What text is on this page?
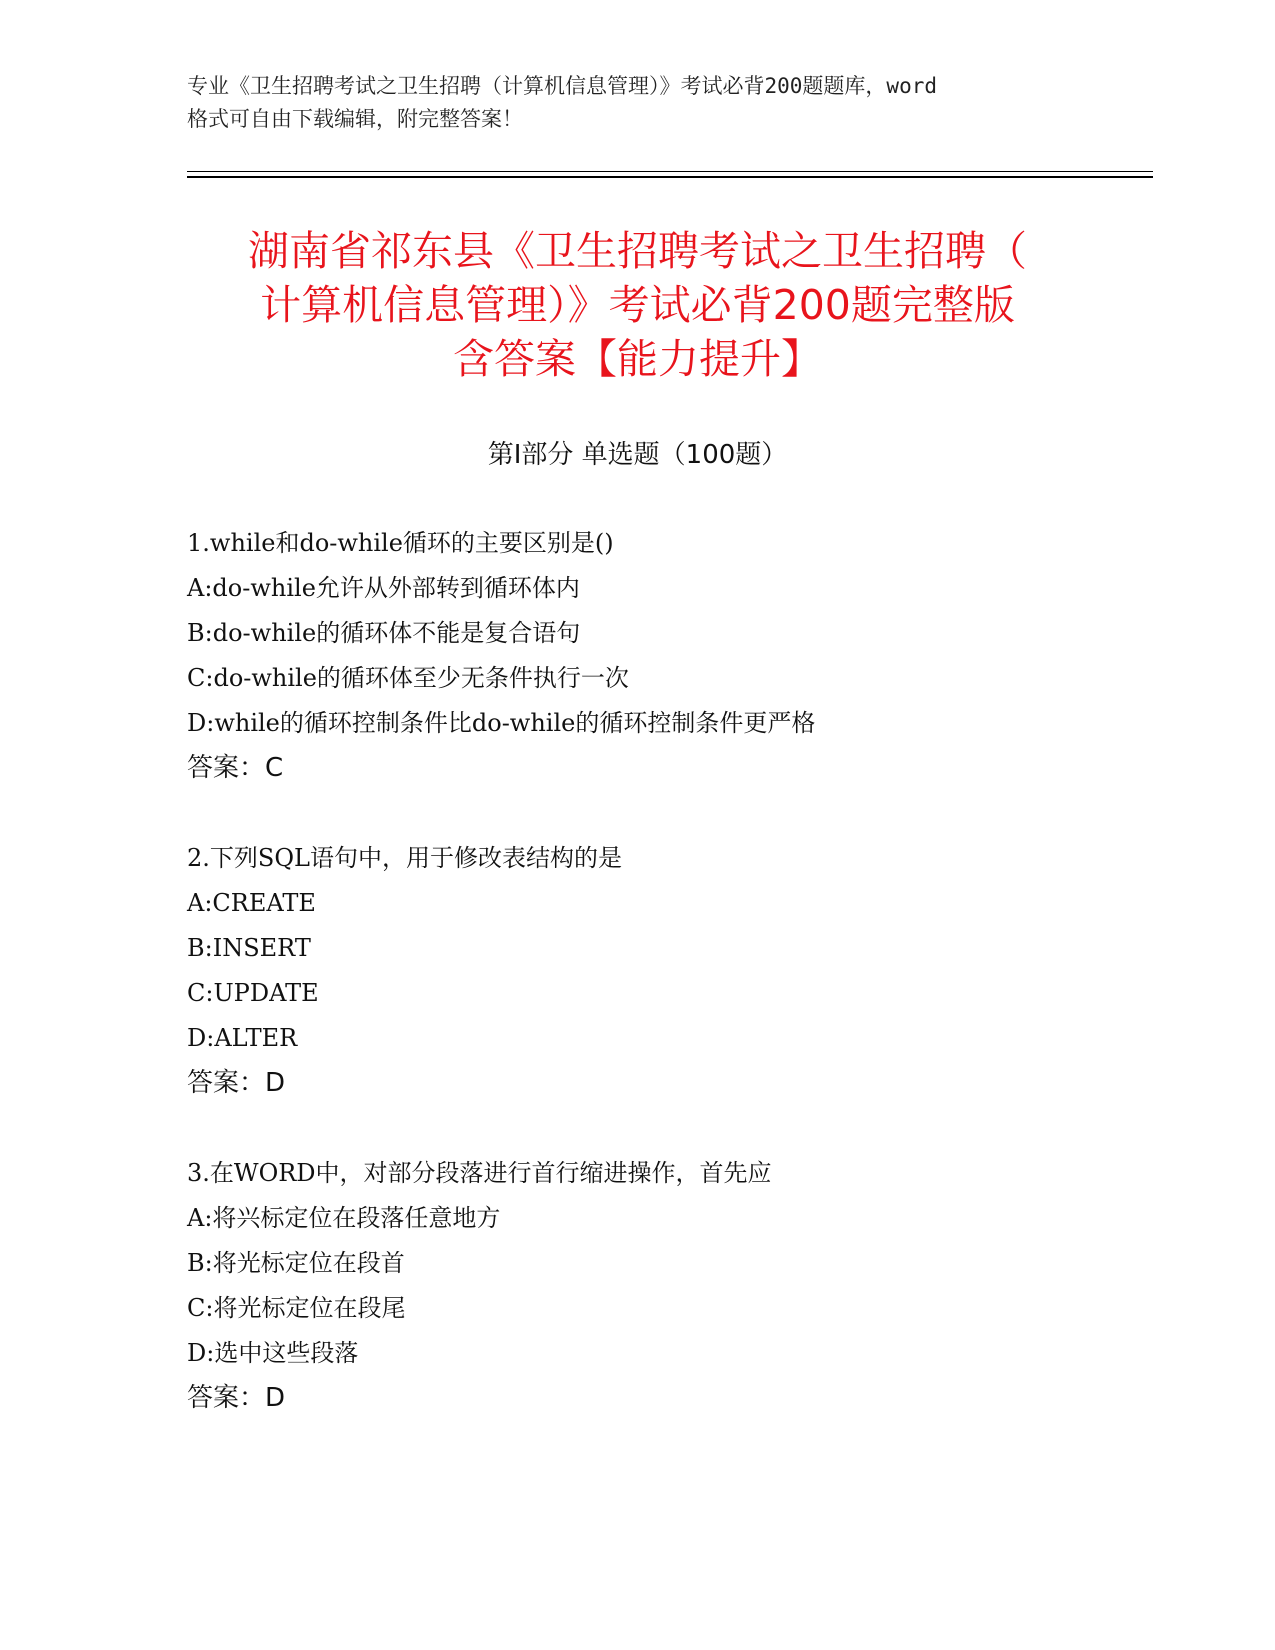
专业《卫生招聘考试之卫生招聘（计算机信息管理）》考试必背200题题库，word
格式可自由下载编辑，附完整答案！
湖南省祁东县《卫生招聘考试之卫生招聘（
计算机信息管理）》考试必背200题完整版
含答案【能力提升】
第Ⅰ部分 单选题（100题）
1.while和do-while循环的主要区别是()
A:do-while允许从外部转到循环体内
B:do-while的循环体不能是复合语句
C:do-while的循环体至少无条件执行一次
D:while的循环控制条件比do-while的循环控制条件更严格
答案：C
2.下列SQL语句中，用于修改表结构的是
A:CREATE
B:INSERT
C:UPDATE
D:ALTER
答案：D
3.在WORD中，对部分段落进行首行缩进操作，首先应
A:将兴标定位在段落任意地方
B:将光标定位在段首
C:将光标定位在段尾
D:选中这些段落
答案：D
